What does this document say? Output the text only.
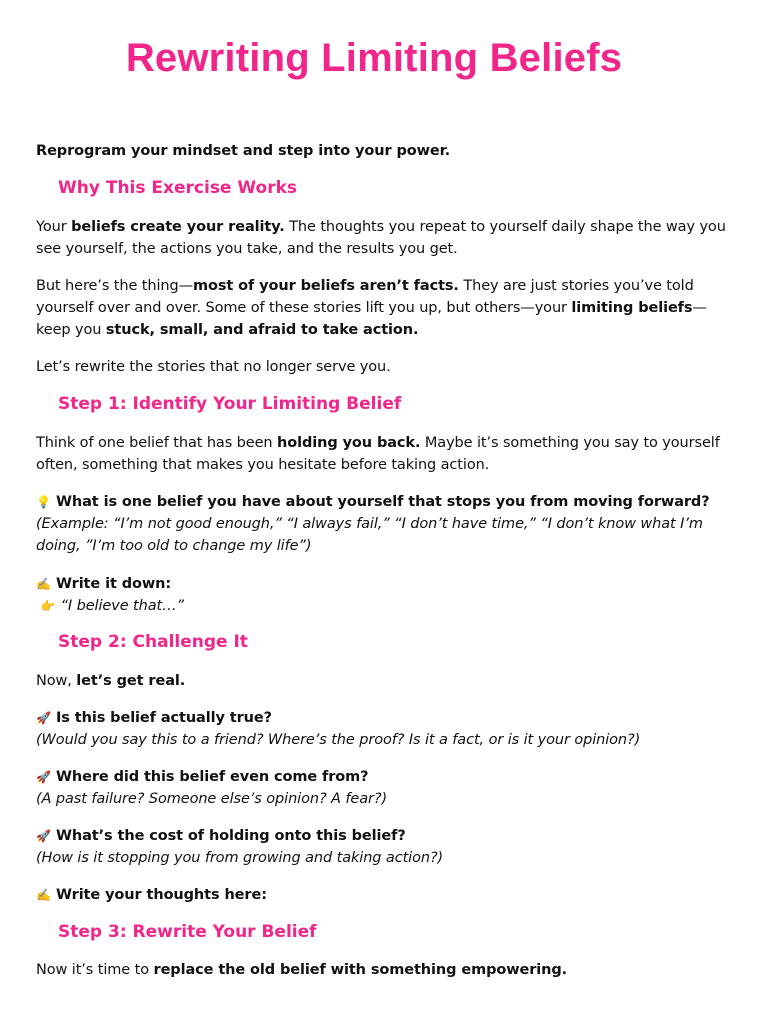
Rewriting Limiting Beliefs

Reprogram your mindset and step into your power.

Why This Exercise Works

Your beliefs create your reality. The thoughts you repeat to yourself daily shape the way you see yourself, the actions you take, and the results you get.

But here’s the thing—most of your beliefs aren’t facts. They are just stories you’ve told yourself over and over. Some of these stories lift you up, but others—your limiting beliefs—keep you stuck, small, and afraid to take action.

Let’s rewrite the stories that no longer serve you.

Step 1: Identify Your Limiting Belief

Think of one belief that has been holding you back. Maybe it’s something you say to yourself often, something that makes you hesitate before taking action.

💡 What is one belief you have about yourself that stops you from moving forward?
(Example: “I’m not good enough,” “I always fail,” “I don’t have time,” “I don’t know what I’m doing, ”I’m too old to change my life”)

✍️ Write it down:
👉 “I believe that…”

Step 2: Challenge It

Now, let’s get real.

🚀 Is this belief actually true?
(Would you say this to a friend? Where’s the proof? Is it a fact, or is it your opinion?)

🚀 Where did this belief even come from?
(A past failure? Someone else’s opinion? A fear?)

🚀 What’s the cost of holding onto this belief?
(How is it stopping you from growing and taking action?)

✍️ Write your thoughts here:

Step 3: Rewrite Your Belief

Now it’s time to replace the old belief with something empowering.
